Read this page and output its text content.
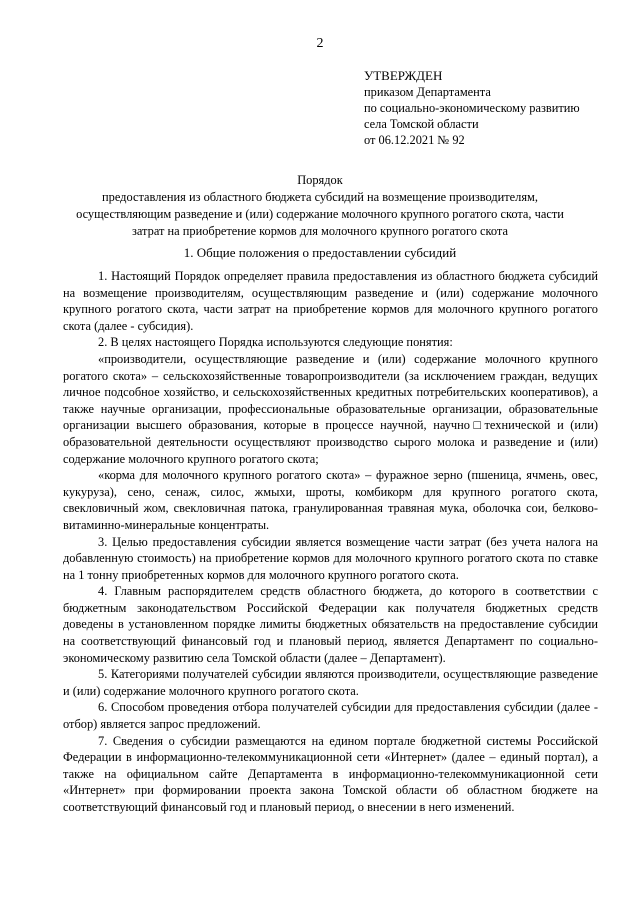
2
УТВЕРЖДЕН
приказом Департамента
по социально-экономическому развитию
села Томской области
от 06.12.2021 № 92
Порядок
предоставления из областного бюджета субсидий на возмещение производителям,
осуществляющим разведение и (или) содержание молочного крупного рогатого скота, части
затрат на приобретение кормов для молочного крупного рогатого скота
1. Общие положения о предоставлении субсидий

1. Настоящий Порядок определяет правила предоставления из областного бюджета субсидий на возмещение производителям, осуществляющим разведение и (или) содержание молочного крупного рогатого скота, части затрат на приобретение кормов для молочного крупного рогатого скота (далее - субсидия).

2. В целях настоящего Порядка используются следующие понятия:

«производители, осуществляющие разведение и (или) содержание молочного крупного рогатого скота» – сельскохозяйственные товаропроизводители (за исключением граждан, ведущих личное подсобное хозяйство, и сельскохозяйственных кредитных потребительских кооперативов), а также научные организации, профессиональные образовательные организации, образовательные организации высшего образования, которые в процессе научной, научно□технической и (или) образовательной деятельности осуществляют производство сырого молока и разведение и (или) содержание молочного крупного рогатого скота;

«корма для молочного крупного рогатого скота» – фуражное зерно (пшеница, ячмень, овес, кукуруза), сено, сенаж, силос, жмыхи, шроты, комбикорм для крупного рогатого скота, свекловичный жом, свекловичная патока, гранулированная травяная мука, оболочка сои, белково-витаминно-минеральные концентраты.

3. Целью предоставления субсидии является возмещение части затрат (без учета налога на добавленную стоимость) на приобретение кормов для молочного крупного рогатого скота по ставке на 1 тонну приобретенных кормов для молочного крупного рогатого скота.

4. Главным распорядителем средств областного бюджета, до которого в соответствии с бюджетным законодательством Российской Федерации как получателя бюджетных средств доведены в установленном порядке лимиты бюджетных обязательств на предоставление субсидии на соответствующий финансовый год и плановый период, является Департамент по социально-экономическому развитию села Томской области (далее – Департамент).

5. Категориями получателей субсидии являются производители, осуществляющие разведение и (или) содержание молочного крупного рогатого скота.

6. Способом проведения отбора получателей субсидии для предоставления субсидии (далее - отбор) является запрос предложений.

7. Сведения о субсидии размещаются на едином портале бюджетной системы Российской Федерации в информационно-телекоммуникационной сети «Интернет» (далее – единый портал), а также на официальном сайте Департамента в информационно-телекоммуникационной сети «Интернет» при формировании проекта закона Томской области об областном бюджете на соответствующий финансовый год и плановый период, о внесении в него изменений.
